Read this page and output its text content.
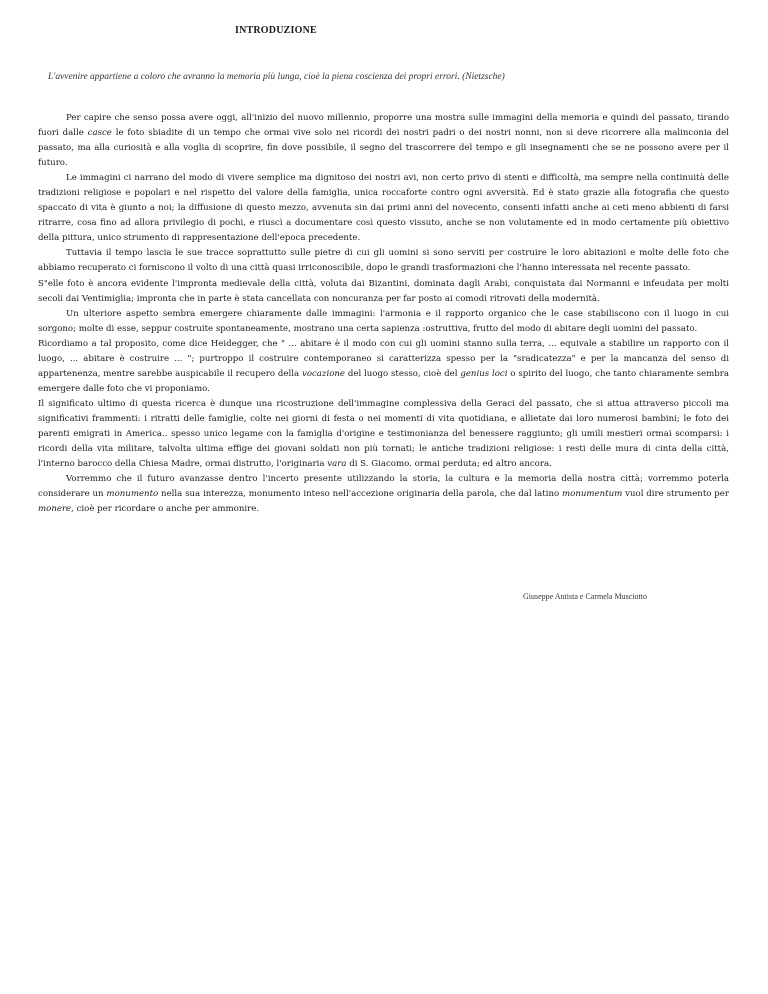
INTRODUZIONE

L'avvenire appartiene a coloro che avranno la memoria più lunga, cioè la piena coscienza dei propri errori. (Nietzsche)

Per capire che senso possa avere oggi, all'inizio del nuovo millennio, proporre una mostra sulle immagini della memoria e quindi del passato, tirando fuori dalle casce le foto sbiadite di un tempo che ormai vive solo nei ricordi dei nostri padri o dei nostri nonni, non si deve ricorrere alla malinconia del passato, ma alla curiosità e alla voglia di scoprire, fin dove possibile, il segno del trascorrere del tempo e gli insegnamenti che se ne possono avere per il futuro.

Le immagini ci narrano del modo di vivere semplice ma dignitoso dei nostri avi, non certo privo di stenti e difficoltà, ma sempre nella continuità delle tradizioni religiose e popolari e nel rispetto del valore della famiglia, unica roccaforte contro ogni avversità. Ed è stato grazie alla fotografia che questo spaccato di vita è giunto a noi; la diffusione di questo mezzo, avvenuta sin dai primi anni del novecento, consenti infatti anche ai ceti meno abbienti di farsi ritrarre, cosa fino ad allora privilegio di pochi, e riuscì a documentare così questo vissuto, anche se non volutamente ed in modo certamente più obiettivo della pittura, unico strumento di rappresentazione dell'epoca precedente.

Tuttavia il tempo lascia le sue tracce soprattutto sulle pietre di cui gli uomini si sono serviti per costruire le loro abitazioni e molte delle foto che abbiamo recuperato ci forniscono il volto di una città quasi irriconoscibile, dopo le grandi trasformazioni che l'hanno interessata nel recente passato.

S"elle foto è ancora evidente l'impronta medievale della città, voluta dai Bizantini, dominata dagli Arabi, conquistata dai Normanni e infeudata per molti secoli dai Ventimiglia; impronta che in parte è stata cancellata con noncuranza per far posto ai comodi ritrovati della modernità.

Un ulteriore aspetto sembra emergere chiaramente dalle immagini: l'armonia e il rapporto organico che le case stabiliscono con il luogo in cui sorgono; molte di esse, seppur costruite spontaneamente, mostrano una certa sapienza :ostruttiva, frutto del modo di abitare degli uomini del passato.

Ricordiamo a tal proposito, come dice Heidegger, che " ... abitare è il modo con cui gli uomini stanno sulla terra, ... equivale a stabilire un rapporto con il luogo, ... abitare è costruire ... "; purtroppo il costruire contemporaneo si caratterizza spesso per la "sradicatezza" e per la mancanza del senso di appartenenza, mentre sarebbe auspicabile il recupero della vocazione del luogo stesso, cioè del genius loci o spirito del luogo, che tanto chiaramente sembra emergere dalle foto che vi proponiamo.

Il significato ultimo di questa ricerca è dunque una ricostruzione dell'immagine complessiva della Geraci del passato, che si attua attraverso piccoli ma significativi frammenti: i ritratti delle famiglie, colte nei giorni di festa o nei momenti di vita quotidiana, e allietate dai loro numerosi bambini; le foto dei parenti emigrati in America.. spesso unico legame con la famiglia d'origine e testimonianza del benessere raggiunto; gli umili mestieri ormai scomparsi: i ricordi della vita militare, talvolta ultima effige dei giovani soldati non più tornati; le antiche tradizioni religiose: i resti delle mura di cinta della città, l'interno barocco della Chiesa Madre, ormai distrutto, l'originaria vara di S. Giacomo. ormai perduta; ed altro ancora.

Vorremmo che il futuro avanzasse dentro l'incerto presente utilizzando la storia, la cultura e la memoria della nostra città; vorremmo poterla considerare un monumento nella sua interezza, monumento inteso nell'accezione originaria della parola, che dal latino monumentum vuol dire strumento per monere, cioè per ricordare o anche per ammonire.

Giuseppe Antista e Carmela Musciotto
